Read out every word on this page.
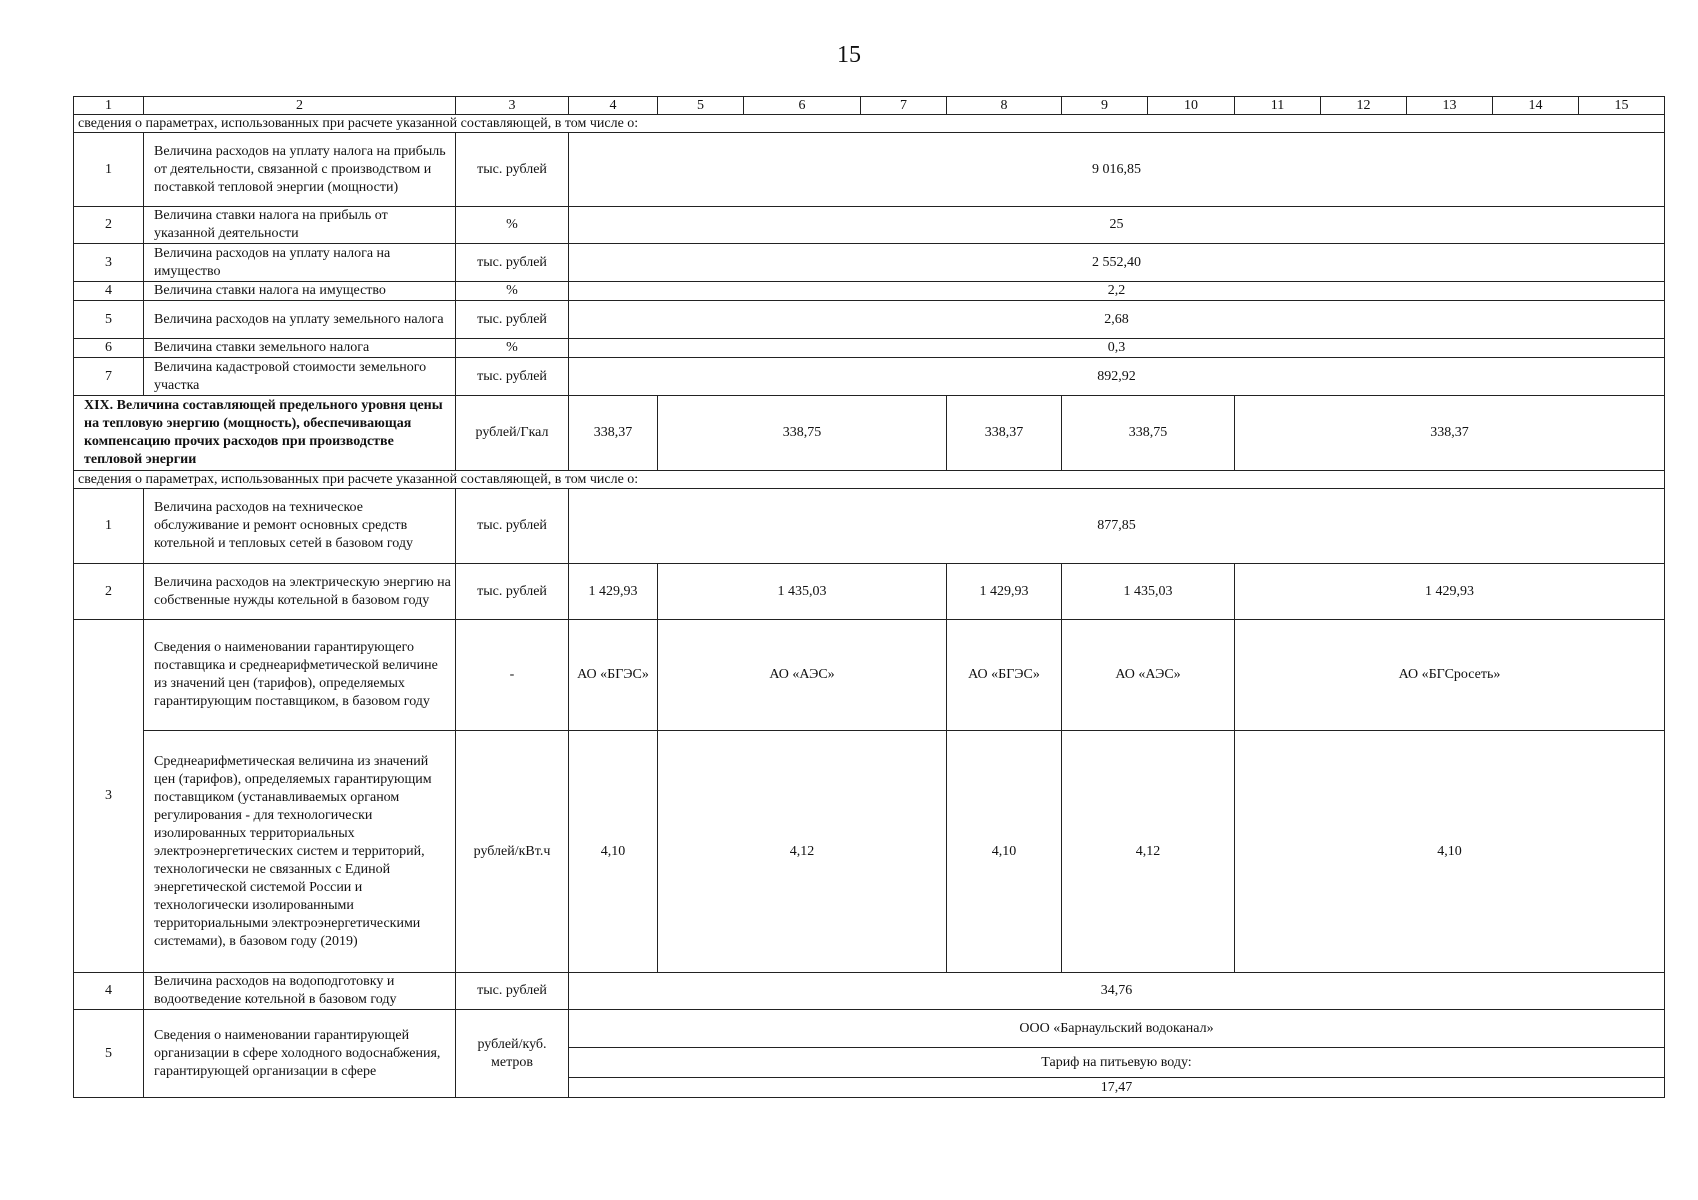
15
1	2	3	4	5	6	7	8	9	10	11	12	13	14	15
сведения о параметрах, использованных при расчете указанной составляющей, в том числе о:														
1	Величина расходов на уплату налога на прибыль от деятельности, связанной с производством и поставкой тепловой энергии (мощности)	тыс. рублей	9 016,85											
2	Величина ставки налога на прибыль от указанной деятельности	%	25											
3	Величина расходов на уплату налога на имущество	тыс. рублей	2 552,40											
4	Величина ставки налога на имущество	%	2,2											
5	Величина расходов на уплату земельного налога	тыс. рублей	2,68											
6	Величина ставки земельного налога	%	0,3											
7	Величина кадастровой стоимости земельного участка	тыс. рублей	892,92											
XIX. Величина составляющей предельного уровня цены на тепловую энергию (мощность), обеспечивающая компенсацию прочих расходов при производстве тепловой энергии		рублей/Гкал	338,37	338,75			338,37	338,75		338,37				
сведения о параметрах, использованных при расчете указанной составляющей, в том числе о:														
1	Величина расходов на техническое обслуживание и ремонт основных средств котельной и тепловых сетей в базовом году	тыс. рублей	877,85											
2	Величина расходов на электрическую энергию на собственные нужды котельной в базовом году	тыс. рублей	1 429,93	1 435,03			1 429,93	1 435,03		1 429,93				
3	Сведения о наименовании гарантирующего поставщика и среднеарифметической величине из значений цен (тарифов), определяемых гарантирующим поставщиком, в базовом году	-	АО «БГЭС»	АО «АЭС»			АО «БГЭС»	АО «АЭС»		АО «БГСросеть»				
	Среднеарифметическая величина из значений цен (тарифов), определяемых гарантирующим поставщиком (устанавливаемых органом регулирования - для технологически изолированных территориальных электроэнергетических систем и территорий, технологически не связанных с Единой энергетической системой России и технологически изолированными территориальными электроэнергетическими системами), в базовом году (2019)	рублей/кВт.ч	4,10	4,12			4,10	4,12		4,10				
4	Величина расходов на водоподготовку и водоотведение котельной в базовом году	тыс. рублей	34,76											
5	Сведения о наименовании гарантирующей организации в сфере холодного водоснабжения, гарантирующей организации в сфере	рублей/куб. метров	ООО «Барнаульский водоканал»											
			Тариф на питьевую воду:											
			17,47											
